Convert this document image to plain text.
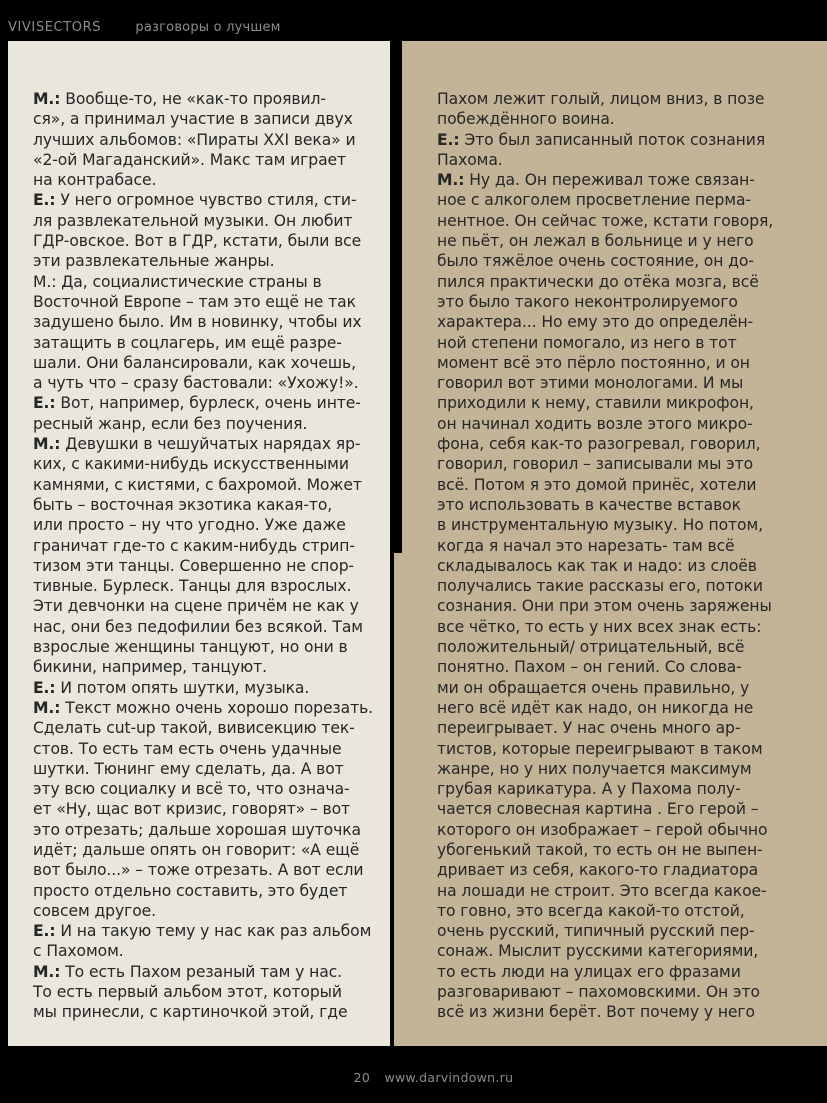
VIVISECTORS	разговоры о лучшем
М.: Вообще-то, не «как-то проявил-
ся», а принимал участие в записи двух
лучших альбомов: «Пираты XXI века» и
«2-ой Магаданский». Макс там играет
на контрабасе.
Е.: У него огромное чувство стиля, сти-
ля развлекательной музыки. Он любит
ГДР-овское. Вот в ГДР, кстати, были все
эти развлекательные жанры.
М.: Да, социалистические страны в
Восточной Европе – там это ещё не так
задушено было. Им в новинку, чтобы их
затащить в соцлагерь, им ещё разре-
шали. Они балансировали, как хочешь,
а чуть что – сразу бастовали: «Ухожу!».
Е.: Вот, например, бурлеск, очень инте-
ресный жанр, если без поучения.
М.: Девушки в чешуйчатых нарядах яр-
ких, с какими-нибудь искусственными
камнями, с кистями, с бахромой. Может
быть – восточная экзотика какая-то,
или просто – ну что угодно. Уже даже
граничат где-то с каким-нибудь стрип-
тизом эти танцы. Совершенно не спор-
тивные. Бурлеск. Танцы для взрослых.
Эти девчонки на сцене причём не как у
нас, они без педофилии без всякой. Там
взрослые женщины танцуют, но они в
бикини, например, танцуют.
Е.: И потом опять шутки, музыка.
М.: Текст можно очень хорошо порезать.
Сделать cut-up такой, вивисекцию тек-
стов. То есть там есть очень удачные
шутки. Тюнинг ему сделать, да. А вот
эту всю социалку и всё то, что означа-
ет «Ну, щас вот кризис, говорят» – вот
это отрезать; дальше хорошая шуточка
идёт; дальше опять он говорит: «А ещё
вот было...» – тоже отрезать. А вот если
просто отдельно составить, это будет
совсем другое.
Е.: И на такую тему у нас как раз альбом
с Пахомом.
М.: То есть Пахом резаный там у нас.
То есть первый альбом этот, который
мы принесли, с картиночкой этой, где
Пахом лежит голый, лицом вниз, в позе
побеждённого воина.
Е.: Это был записанный поток сознания
Пахома.
М.: Ну да. Он переживал тоже связан-
ное с алкоголем просветление перма-
нентное. Он сейчас тоже, кстати говоря,
не пьёт, он лежал в больнице и у него
было тяжёлое очень состояние, он до-
пился практически до отёка мозга, всё
это было такого неконтролируемого
характера... Но ему это до определён-
ной степени помогало, из него в тот
момент всё это пёрло постоянно, и он
говорил вот этими монологами. И мы
приходили к нему, ставили микрофон,
он начинал ходить возле этого микро-
фона, себя как-то разогревал, говорил,
говорил, говорил – записывали мы это
всё. Потом я это домой принёс, хотели
это использовать в качестве вставок
в инструментальную музыку. Но потом,
когда я начал это нарезать- там всё
складывалось как так и надо: из слоёв
получались такие рассказы его, потоки
сознания. Они при этом очень заряжены
все чётко, то есть у них всех знак есть:
положительный/ отрицательный, всё
понятно. Пахом – он гений. Со слова-
ми он обращается очень правильно, у
него всё идёт как надо, он никогда не
переигрывает. У нас очень много ар-
тистов, которые переигрывают в таком
жанре, но у них получается максимум
грубая карикатура. А у Пахома полу-
чается словесная картина . Его герой –
которого он изображает – герой обычно
убогенький такой, то есть он не выпен-
дривает из себя, какого-то гладиатора
на лошади не строит. Это всегда какое-
то говно, это всегда какой-то отстой,
очень русский, типичный русский пер-
сонаж. Мыслит русскими категориями,
то есть люди на улицах его фразами
разговаривают – пахомовскими. Он это
всё из жизни берёт. Вот почему у него
20 www.darvindown.ru
